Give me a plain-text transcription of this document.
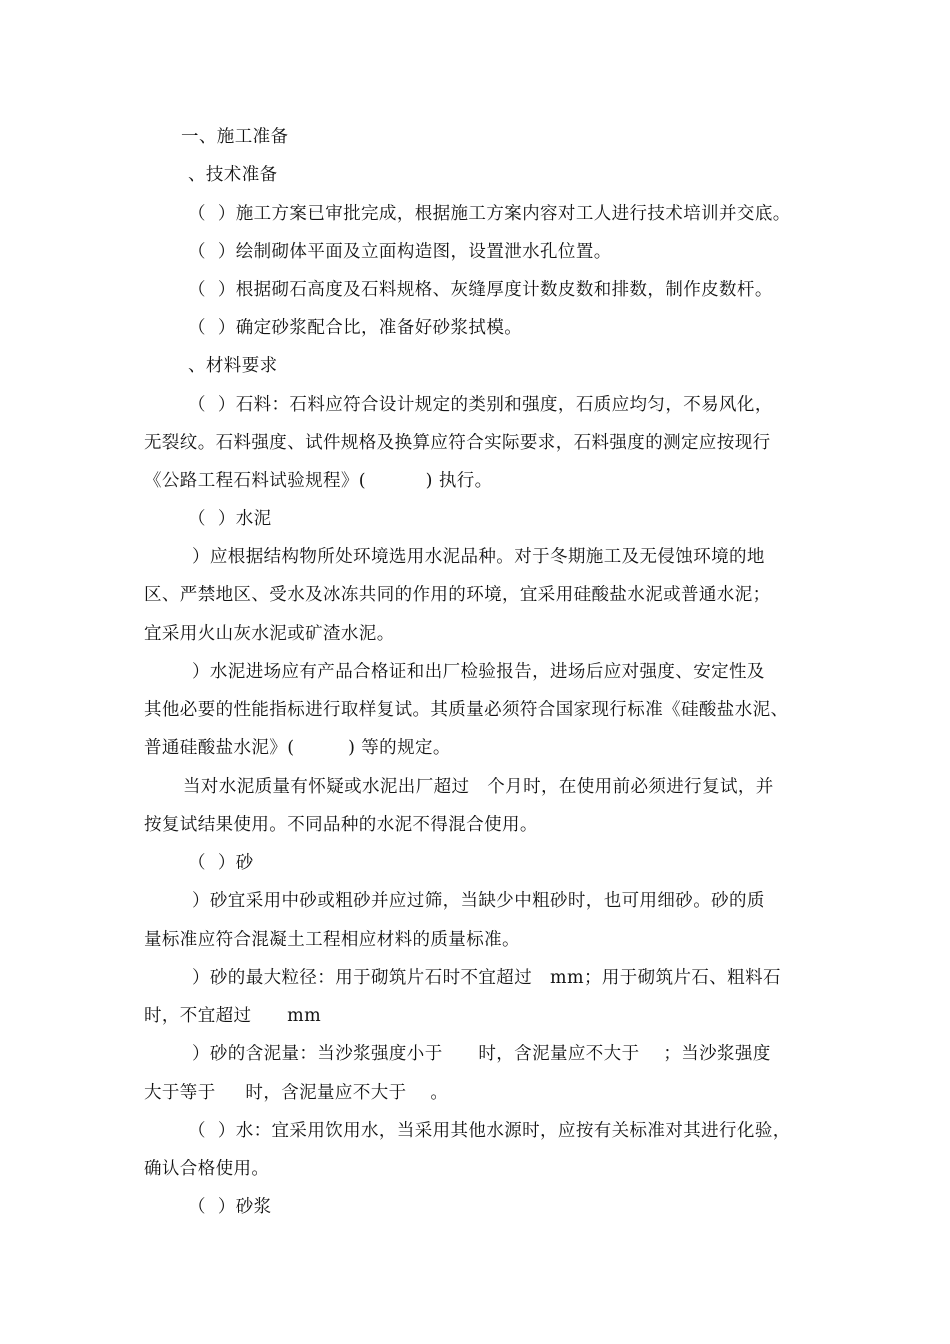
一、施工准备
、技术准备
（  ）施工方案已审批完成，根据施工方案内容对工人进行技术培训并交底。
（  ）绘制砌体平面及立面构造图，设置泄水孔位置。
（  ）根据砌石高度及石料规格、灰缝厚度计数皮数和排数，制作皮数杆。
（  ）确定砂浆配合比，准备好砂浆拭模。
、材料要求
（  ）石料：石料应符合设计规定的类别和强度，石质应均匀，不易风化，
无裂纹。石料强度、试件规格及换算应符合实际要求，石料强度的测定应按现行
《公路工程石料试验规程》(          ) 执行。
（  ）水泥
）应根据结构物所处环境选用水泥品种。对于冬期施工及无侵蚀环境的地
区、严禁地区、受水及冰冻共同的作用的环境，宜采用硅酸盐水泥或普通水泥；
宜采用火山灰水泥或矿渣水泥。
）水泥进场应有产品合格证和出厂检验报告，进场后应对强度、安定性及
其他必要的性能指标进行取样复试。其质量必须符合国家现行标准《硅酸盐水泥、
普通硅酸盐水泥》(         ) 等的规定。
当对水泥质量有怀疑或水泥出厂超过   个月时，在使用前必须进行复试，并
按复试结果使用。不同品种的水泥不得混合使用。
（  ）砂
）砂宜采用中砂或粗砂并应过筛，当缺少中粗砂时，也可用细砂。砂的质
量标准应符合混凝土工程相应材料的质量标准。
）砂的最大粒径：用于砌筑片石时不宜超过   mm；用于砌筑片石、粗料石
时，不宜超过      mm
）砂的含泥量：当沙浆强度小于      时，含泥量应不大于    ；当沙浆强度
大于等于     时，含泥量应不大于    。
（  ）水：宜采用饮用水，当采用其他水源时，应按有关标准对其进行化验，
确认合格使用。
（  ）砂浆
